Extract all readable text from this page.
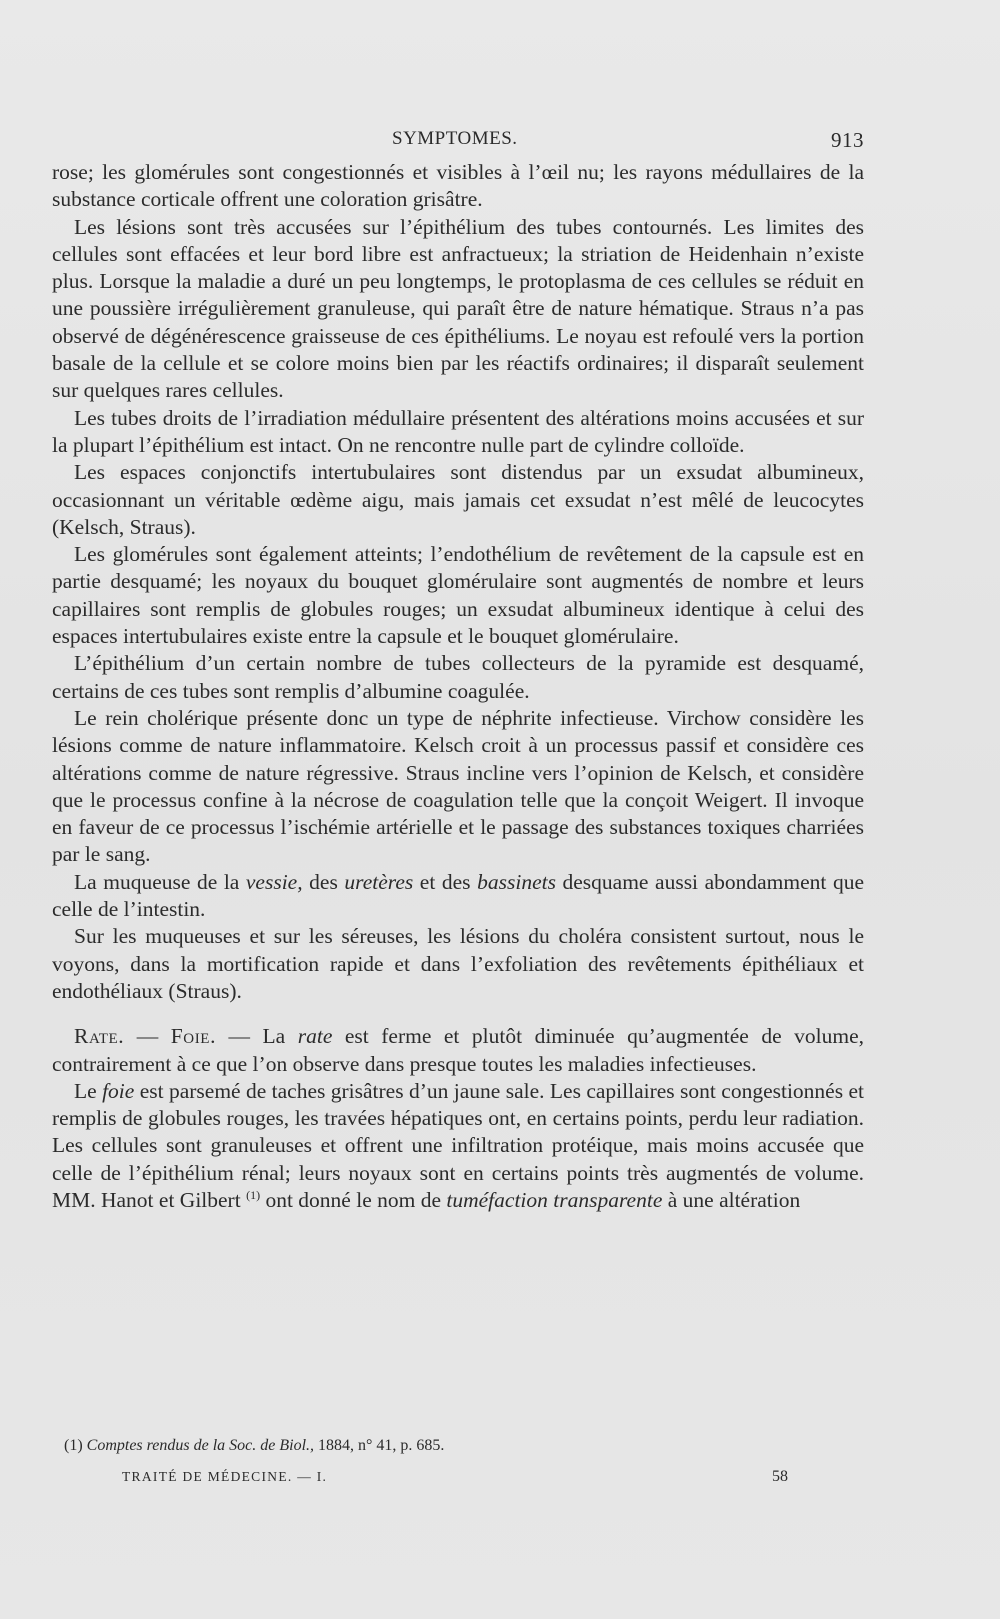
SYMPTOMES.	913

rose; les glomérules sont congestionnés et visibles à l’œil nu; les rayons médullaires de la substance corticale offrent une coloration grisâtre.

Les lésions sont très accusées sur l’épithélium des tubes contournés. Les limites des cellules sont effacées et leur bord libre est anfractueux; la striation de Heidenhain n’existe plus. Lorsque la maladie a duré un peu longtemps, le protoplasma de ces cellules se réduit en une poussière irrégulièrement granuleuse, qui paraît être de nature hématique. Straus n’a pas observé de dégénérescence graisseuse de ces épithéliums. Le noyau est refoulé vers la portion basale de la cellule et se colore moins bien par les réactifs ordinaires; il disparaît seulement sur quelques rares cellules.

Les tubes droits de l’irradiation médullaire présentent des altérations moins accusées et sur la plupart l’épithélium est intact. On ne rencontre nulle part de cylindre colloïde.

Les espaces conjonctifs intertubulaires sont distendus par un exsudat albumineux, occasionnant un véritable œdème aigu, mais jamais cet exsudat n’est mêlé de leucocytes (Kelsch, Straus).

Les glomérules sont également atteints; l’endothélium de revêtement de la capsule est en partie desquamé; les noyaux du bouquet glomérulaire sont augmentés de nombre et leurs capillaires sont remplis de globules rouges; un exsudat albumineux identique à celui des espaces intertubulaires existe entre la capsule et le bouquet glomérulaire.

L’épithélium d’un certain nombre de tubes collecteurs de la pyramide est desquamé, certains de ces tubes sont remplis d’albumine coagulée.

Le rein cholérique présente donc un type de néphrite infectieuse. Virchow considère les lésions comme de nature inflammatoire. Kelsch croit à un processus passif et considère ces altérations comme de nature régressive. Straus incline vers l’opinion de Kelsch, et considère que le processus confine à la nécrose de coagulation telle que la conçoit Weigert. Il invoque en faveur de ce processus l’ischémie artérielle et le passage des substances toxiques charriées par le sang.

La muqueuse de la vessie, des uretères et des bassinets desquame aussi abondamment que celle de l’intestin.

Sur les muqueuses et sur les séreuses, les lésions du choléra consistent surtout, nous le voyons, dans la mortification rapide et dans l’exfoliation des revêtements épithéliaux et endothéliaux (Straus).

Rate. — Foie. — La rate est ferme et plutôt diminuée qu’augmentée de volume, contrairement à ce que l’on observe dans presque toutes les maladies infectieuses.

Le foie est parsemé de taches grisâtres d’un jaune sale. Les capillaires sont congestionnés et remplis de globules rouges, les travées hépatiques ont, en certains points, perdu leur radiation. Les cellules sont granuleuses et offrent une infiltration protéique, mais moins accusée que celle de l’épithélium rénal; leurs noyaux sont en certains points très augmentés de volume. MM. Hanot et Gilbert $^{(1)}$ ont donné le nom de tuméfaction transparente à une altération

(1) Comptes rendus de la Soc. de Biol., 1884, n° 41, p. 685.
TRAITÉ DE MÉDECINE. — I.	58
